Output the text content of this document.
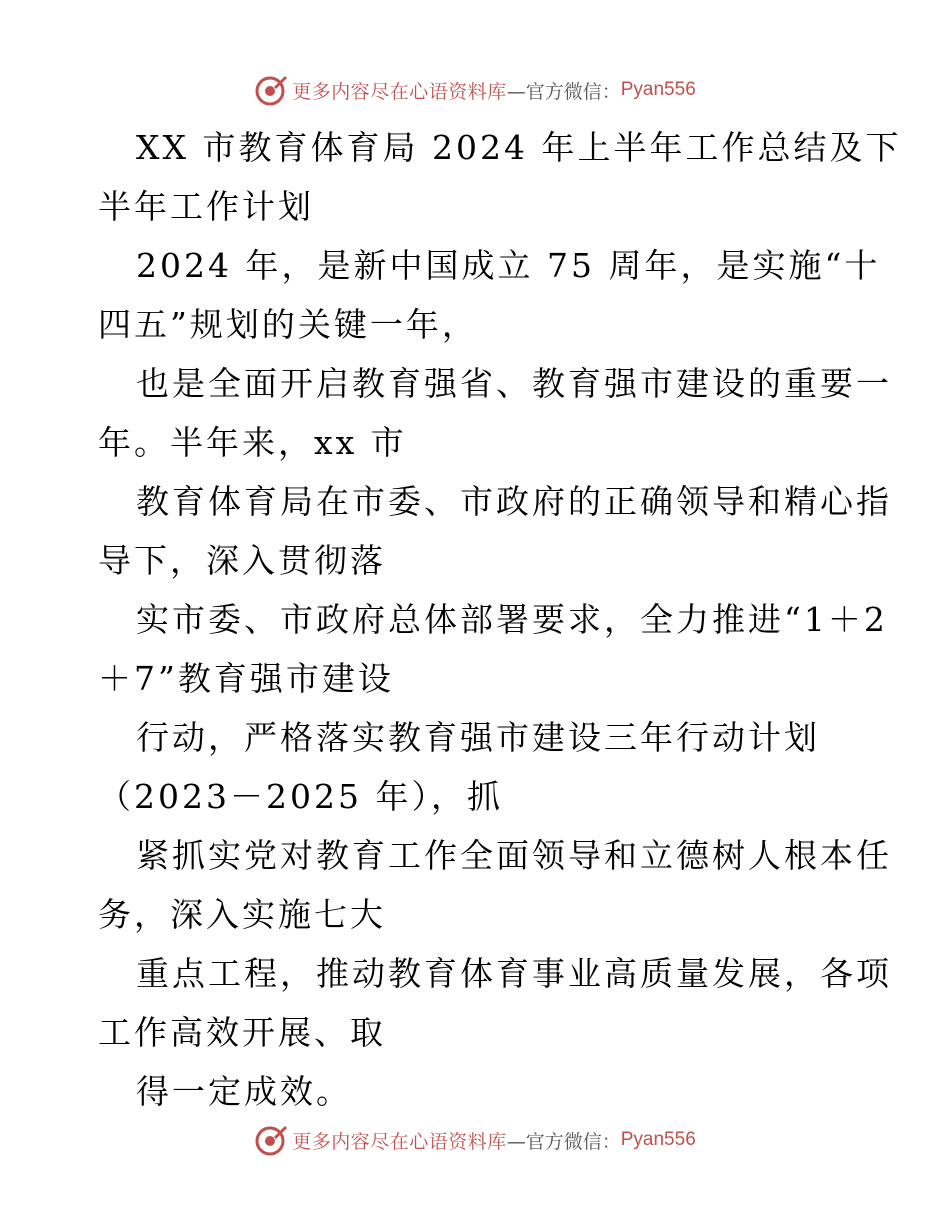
更多内容尽在心语资料库 —官方微信： Pyan556
XX 市教育体育局 2024 年上半年工作总结及下
半年工作计划
2024 年，是新中国成立 75 周年，是实施“十
四五”规划的关键一年，
也是全面开启教育强省、教育强市建设的重要一
年。半年来，xx 市
教育体育局在市委、市政府的正确领导和精心指
导下，深入贯彻落
实市委、市政府总体部署要求，全力推进“1＋2
＋7”教育强市建设
行动，严格落实教育强市建设三年行动计划
（2023－2025 年），抓
紧抓实党对教育工作全面领导和立德树人根本任
务，深入实施七大
重点工程，推动教育体育事业高质量发展，各项
工作高效开展、取
得一定成效。
更多内容尽在心语资料库 —官方微信： Pyan556
